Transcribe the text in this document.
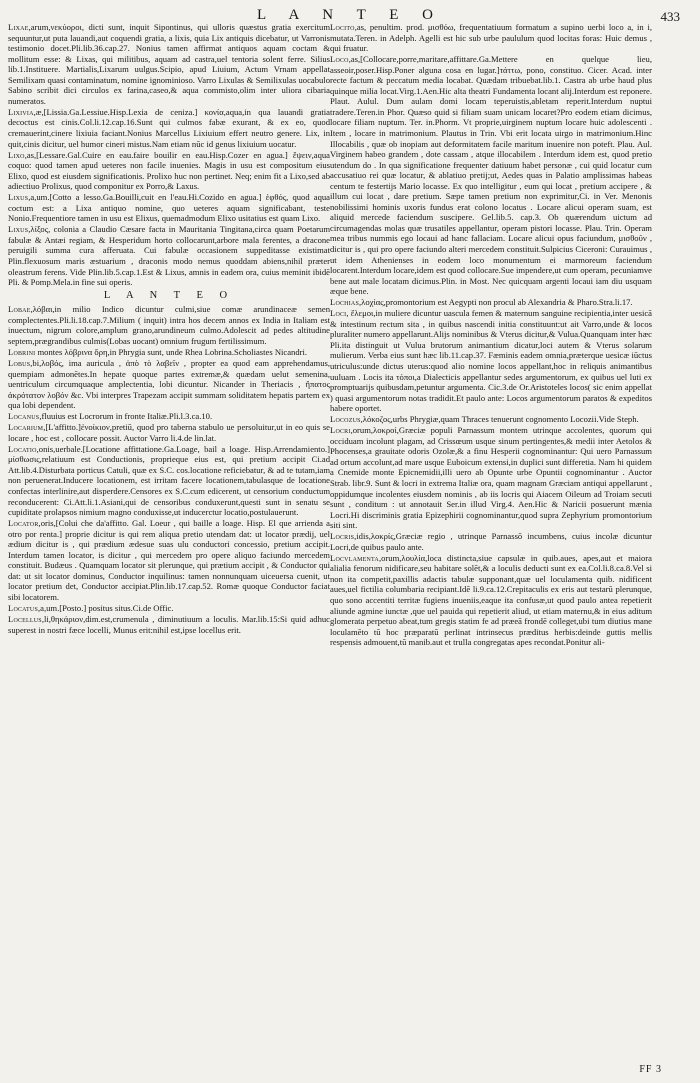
L A N T E O	433

Lixae,arum,νεκύοροι, dicti sunt, inquit Sipontinus, qui ulloris quæstus gratia exercitum sequuntur,ut puta lauandi,aut coquendi gratia, a lixis, quia Lix antiquis dicebatur, ut Varronis testimonio docet.Pli.lib.36.cap.27. Nonius tamen affirmat antiquos aquam coctam & mollitum esse: & Lixas, qui militibus, aquam ad castra,uel tentoria solent ferre. Silius lib.1.Instituere. Martialis,Lixarum uulgus.Scipio, apud Liuium, Actum Vrnam appellat Semilixam quasi contaminatum, nomine ignominioso. Varro Lixulas & Semilixulas uocabulo Sabino scribit dici circulos ex farina,caseo,& aqua commisto,olim inter uliora cibaria numeratos.

Lixivia,æ,[Lissia.Ga.Lessiue.Hisp.Lexia de ceniza.] κονία,aqua,in qua lauandi gratia decoctus est cinis.Col.li.12.cap.16.Sunt qui culmos fabæ exurant, & ex eo, quod cremauerint,cinere lixiuia faciant.Nonius Marcellus Lixiuium effert neutro genere. Lix, in quit,cinis dicitur, uel humor cineri mistus.Nam etiam nūc id genus lixiuium uocatur.

Lixo,as,[Lessare.Gal.Cuire en eau.faire bouilir en eau.Hisp.Cozer en agua.] ἕψειν,aqua coquo: quod tamen apud ueteres non facile inuenies. Magis in usu est compositum eius Elixo, quod est eiusdem significationis. Prolixo huc non pertinet. Neq; enim fit a Lixo,sed ab adiectiuo Prolixus, quod componitur ex Porro,& Laxus.

Lixus,a,um.[Cotto a lesso.Ga.Bouilli,cuit en l'eau.Hi.Cozido en agua.] ἑφθός, quod aqua coctum est: a Lixa antiquo nomine, quo ueteres aquam significabant, teste Nonio.Frequentiore tamen in usu est Elixus, quemadmodum Elixo usitatius est quam Lixo.

Lixus,λίξος, colonia a Claudio Cæsare facta in Mauritania Tingitana,circa quam Poetarum fabulæ & Antæi regiam, & Hesperidum horto collocarunt,arbore mala ferentes, a dracone peruigili summa cura afferuata. Cui fabulæ occasionem suppeditasse existimat Plin.flexuosum maris æstuarium , draconis modo nemus quoddam abiens,nihil præter oleastrum ferens. Vide Plin.lib.5.cap.1.Est & Lixus, amnis in eadem ora, cuius meminit ibidē Pli. & Pomp.Mela.in fine sui operis.

L A N T E O

Lobae,λόβαι,in milio Indico dicuntur culmi,siue comæ arundinaceæ semen complectentes.Pli.li.18.cap.7.Milium ( inquit) intra hos decem annos ex India in Italiam est inuectum, nigrum colore,amplum grano,arundineum culmo.Adolescit ad pedes altitudine septem,prægrandibus culmis(Lobas uocant) omnium frugum fertilissimum.

Lobrini montes λόβρινα ὄρη,in Phrygia sunt, unde Rhea Lobrina.Scholiastes Nicandri.

Lobus,bi,λοβός, ima auricula , ἀπὸ τὸ λαβεῖν , propter ea quod eam apprehendamus, quempiam admonētes.In hepate quoque partes extremæ,& quædam uelut semenina, uentriculum circumquaque amplectentia, lobi dicuntur. Nicander in Theriacis , ἤπατος ἀκρότατον λοβόν &c. Vbi interpres Trapezam accipit summam soliditatem hepatis partem ex qua lobi dependent.

Locanus,fluuius est Locrorum in fronte Italiæ.Pli.l.3.ca.10.

Locarium,[L'affitto.]ἐνοίκιον,pretiū, quod pro taberna stabulo ue persoluitur,ut in eo quis se locare , hoc est , collocare possit. Auctor Varro li.4.de lin.lat.

Locatio,onis,uerbale.[Locatione affittatione.Ga.Loage, bail a loage. Hisp.Arrendamiento.] μίσθωσις,relatiuum est Conductionis, proprieque eius est, qui pretium accipit Ci.ad Att.lib.4.Disturbata porticus Catuli, quæ ex S.C. cos.locatione reficiebatur, & ad te tutam,iam non peruenerat.Inducere locationem, est irritam facere locationem,tabulasque de locatione confectas interlinire,aut disperdere.Censores ex S.C.cum edicerent, ut censorium conductum reconducerent: Ci.Att.li.1.Asiani,qui de censoribus conduxerunt,questi sunt in senatu se cupiditate prolapsos nimium magno conduxisse,ut inducerctur locatio,postulauerunt.

Locator,oris,[Colui che da'affitto. Gal. Loeur , qui baille a loage. Hisp. El que arrienda a otro por renta.] proprie dicitur is qui rem aliqua pretio utendam dat: ut locator prædij, uel ædium dicitur is , qui prædium ædesue suas ulu conductori concessio, pretium accipit. Interdum tamen locator, is dicitur , qui mercedem pro opere aliquo faciundo mercedem constituit. Budæus . Quamquam locator sit plerunque, qui prætium accipit , & Conductor qui dat: ut sit locator dominus, Conductor inquilinus: tamen nonnunquam uiceuersa cuenit, ut locator pretium det, Conductor accipiat.Plin.lib.17.cap.52. Romæ quoque Conductor faciat sibi locatorem.

Locatus,a,um.[Posto.] positus situs.Ci.de Offic.

Locellus,li,θηκάριον,dim.est,crumenula , diminutiuum a loculis. Mar.lib.15:Si quid adhuc superest in nostri fæce locelli, Munus erit:nihil est,ipse locellus erit.

Locito,as, penultim. prod. μισθόω, frequentatiuum formatum a supino uerbi loco a, in i, mutata.Teren. in Adelph. Agelli est hic sub urbe paululum quod locitas foras: Huic demus , qui fruatur.

Loco,as,[Collocare,porre,maritare,affittare.Ga.Mettere en quelque lieu, asseoir,poser.Hisp.Poner alguna cosa en lugar.]τάττω, pono, constituo. Cicer. Acad. inter recte factum & peccatum media locabat. Quædam tribuebat.lib.1. Castra ab urbe haud plus quinque milia locat.Virg.1.Aen.Hic alta theatri Fundamenta locant alij.Interdum est reponere. Plaut. Aulul. Dum aulam domi locam teperuistis,abletam reperit.Interdum nuptui tradere.Teren.in Phor. Quæso quid si filiam suam unicam locaret?Pro eodem etiam dicimus, locare filiam nuptum. Ter. in.Phorm. Vt proprie,uirginem nuptum locare huic adolescenti . Item , locare in matrimonium. Plautus in Trin. Vbi erit locata uirgo in matrimonium.Hinc Illocabilis , quæ ob inopiam aut deformitatem facile maritum inuenire non poteft. Plau. Aul. Virginem habeo grandem , dote cassam , atque illocabilem . Interdum idem est, quod pretio utendum do . In qua significatione frequenter datiuum habet personæ , cui quid locatur cum accusatiuo rei quæ locatur, & ablatiuo pretij;ut, Aedes quas in Palatio amplissimas habeas centum te festertijs Mario locasse. Ex quo intelligitur , eum qui locat , pretium accipere , & illum cui locat , dare pretium. Sæpe tamen pretium non exprimitur,Ci. in Ver. Menonis nobilissimi hominis uxoris fundus erat colono locatus . Locare alicui operam suam, est aliquid mercede faciendum suscipere. Gel.lib.5. cap.3. Ob quærendum uictum ad circumagendas molas quæ trusatiles appellantur, operam pistori locasse. Plau. Trin. Operam mea tribus nummis ego locaui ad hanc fallaciam. Locare alicui opus faciundum, μισθοῦν , dicitur is , qui pro opere faciundo alteri mercedem constituit.Sulpicius Ciceroni: Curauimus , ut idem Athenienses in eodem loco monumentum ei marmoreum faciendum locarent.Interdum locare,idem est quod collocare.Sue impendere,ut cum operam, pecuniamve bene aut male locatam dicimus.Plin. in Most. Nec quicquam argenti locaui iam diu usquam æque bene.

Lochias,λοχίας,promontorium est Aegypti non procul ab Alexandria & Pharo.Stra.li.17.

Loci, ἕλεμοι,in muliere dicuntur uascula femen & maternum sanguine recipientia,inter uesicā & intestinum rectum sita , in quibus nascendi initia constituunt:ut ait Varro,unde & locos pluraliter numero appellarunt.Alijs nominibus & Vterus dicitur,& Vulua.Quanquam inter hæc Pli.ita distinguit ut Vulua brutorum animantium dicatur,loci autem & Vterus solarum mulierum. Verba eius sunt hæc lib.11.cap.37. Fæminis eadem omnia,præterque uesicæ iūctus utriculus:unde dictus uterus:quod alio nomine locos appellant,hoc in reliquis animantibus uuluam . Locis ita τόποι,a Dialecticis appellantur sedes argumentorum, ex quibus uel luti ex promptuarijs quibusdam,petuntur argumenta. Cic.3.de Or.Aristoteles locos( sic enim appellat ) quasi argumentorum notas tradidit.Et paulo ante: Locos argumentorum paratos & expeditos habere oportet.

Locozus,λόκοζος,urbs Phrygiæ,quam Thraces tenuerunt cognomento Locozii.Vide Steph.

Locri,orum,λοκροί,Græciæ populi Parnassum montem utrinque accolentes, quorum qui occiduam incolunt plagam, ad Crissœum usque sinum pertingentes,& medii inter Aetolos & Phocenses,a grauitate odoris Ozolæ,& a finu Hesperii cognominantur: Qui uero Parnassum ad ortum accolunt,ad mare usque Euboicum extensi,in duplici sunt differetia. Nam hi quidem a Cnemide monte Epicnemidii,illi uero ab Opunte urbe Opuntii cognominantur . Auctor Strab. libr.9. Sunt & locri in extrema Italiæ ora, quam magnam Græciam antiqui appellarunt , oppidumque incolentes eiusdem nominis , ab iis locris qui Aiacem Oileum ad Troiam secuti sunt , conditum : ut annotauit Ser.in illud Virg.4. Aen.Hic & Naricii posuerunt mænia Locri.Hi discriminis gratia Epizephirii cognominantur,quod supra Zephyrium promontorium siti sint.

Locris,idis,λοκρίς,Græciæ regio , utrinque Parnassō incumbens, cuius incolæ dicuntur Locri,de quibus paulo ante.

Locvlamenta,orum,λουλία,loca distincta,siue capsulæ in quib.aues, apes,aut et maiora alialia fenorum nidificare,seu habitare solēt,& a loculis deducti sunt ex ea.Col.li.8.ca.8.Vel si non ita competit,paxillis adactis tabulæ supponant,quæ uel loculamenta quib. nidificent aues,uel fictilia columbaria recipiant.Idē li.9.ca.12.Crepitaculis ex eris aut testarū plerunque, quo sono accentiti territæ fugiens inueniis,eaque ita confusæ,ut quod paulo antea repetierit aliunde agmine iunctæ ,que uel pauida qui repetierit aliud, ut etiam maternu,& in eius aditum glomerata perpetuo abeat,tum gregis statim fe ad præeā frondē colleget,ubi tum diutius mane loculamēto tū hoc præparatū perlinat intrinsecus præditus herbis:deinde guttis mellis respensis admouent,tū manib.aut et trulla congregatas apes recondat.Ponitur ali-

FF 3
